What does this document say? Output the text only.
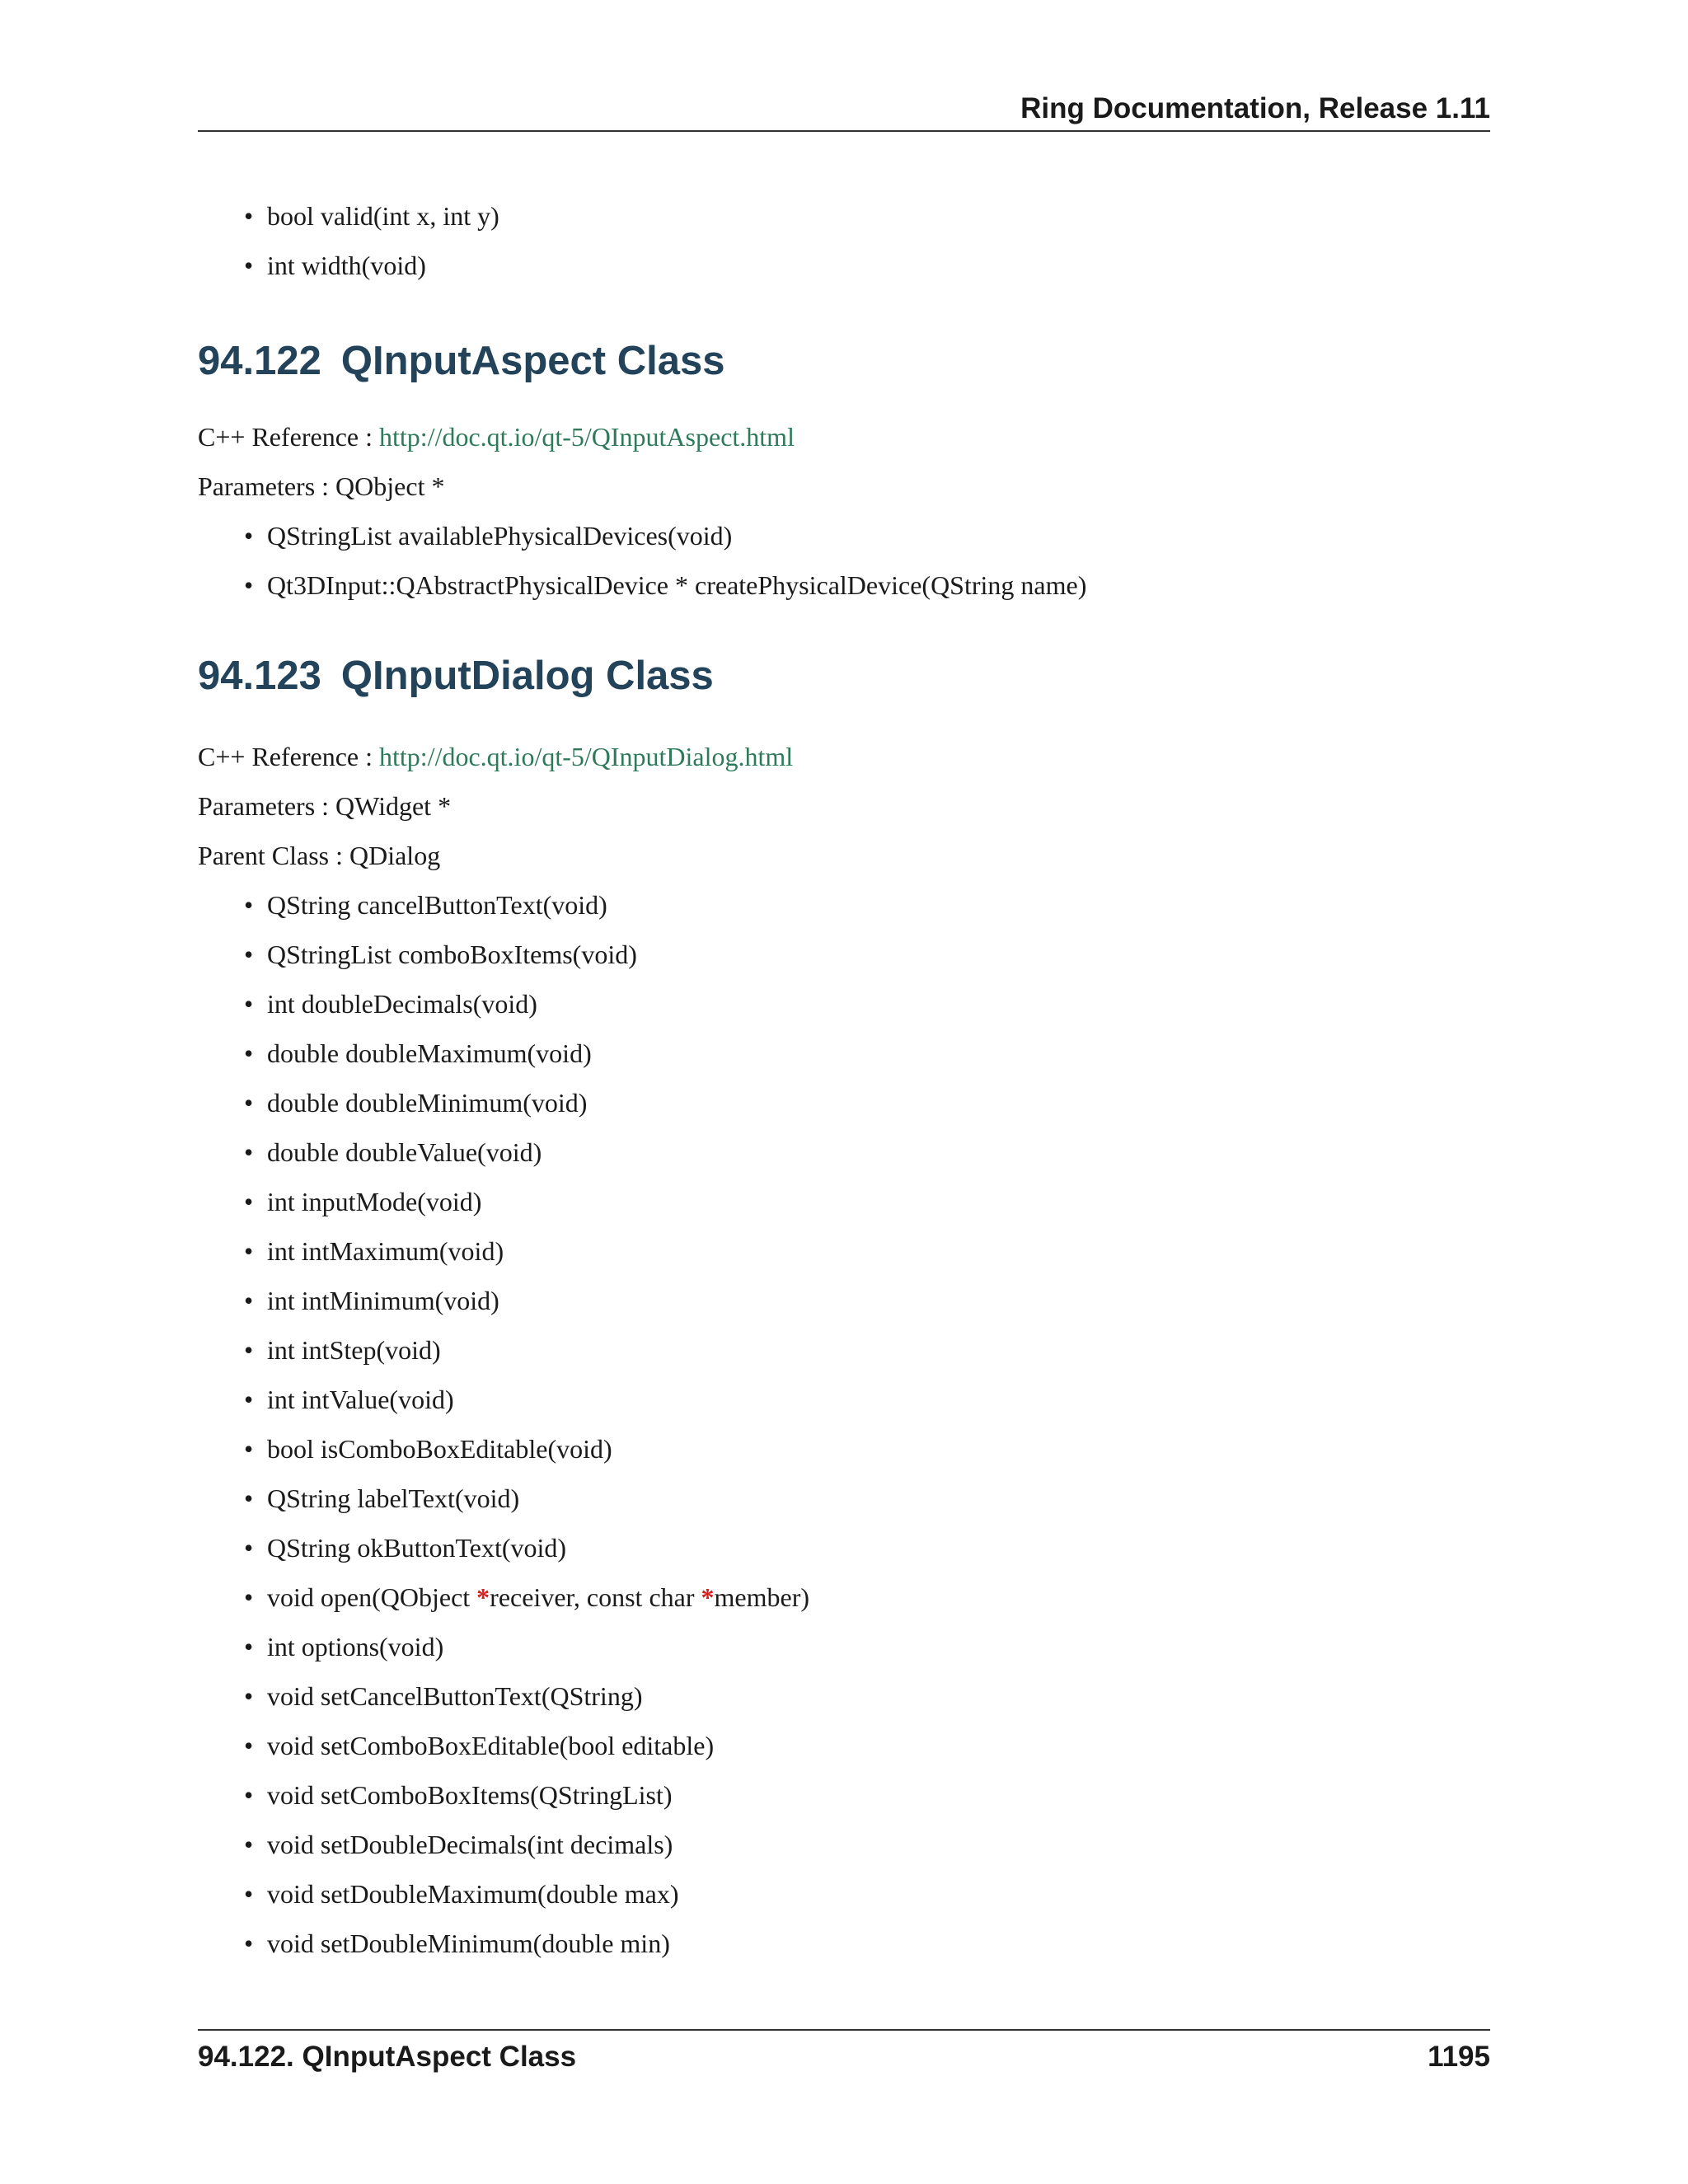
Ring Documentation, Release 1.11
• bool valid(int x, int y)
• int width(void)
94.122 QInputAspect Class

C++ Reference : http://doc.qt.io/qt-5/QInputAspect.html

Parameters : QObject *

• QStringList availablePhysicalDevices(void)
• Qt3DInput::QAbstractPhysicalDevice * createPhysicalDevice(QString name)
94.123 QInputDialog Class

C++ Reference : http://doc.qt.io/qt-5/QInputDialog.html

Parameters : QWidget *

Parent Class : QDialog

• QString cancelButtonText(void)
• QStringList comboBoxItems(void)
• int doubleDecimals(void)
• double doubleMaximum(void)
• double doubleMinimum(void)
• double doubleValue(void)
• int inputMode(void)
• int intMaximum(void)
• int intMinimum(void)
• int intStep(void)
• int intValue(void)
• bool isComboBoxEditable(void)
• QString labelText(void)
• QString okButtonText(void)
• void open(QObject *receiver, const char *member)
• int options(void)
• void setCancelButtonText(QString)
• void setComboBoxEditable(bool editable)
• void setComboBoxItems(QStringList)
• void setDoubleDecimals(int decimals)
• void setDoubleMaximum(double max)
• void setDoubleMinimum(double min)
94.122. QInputAspect Class	1195
